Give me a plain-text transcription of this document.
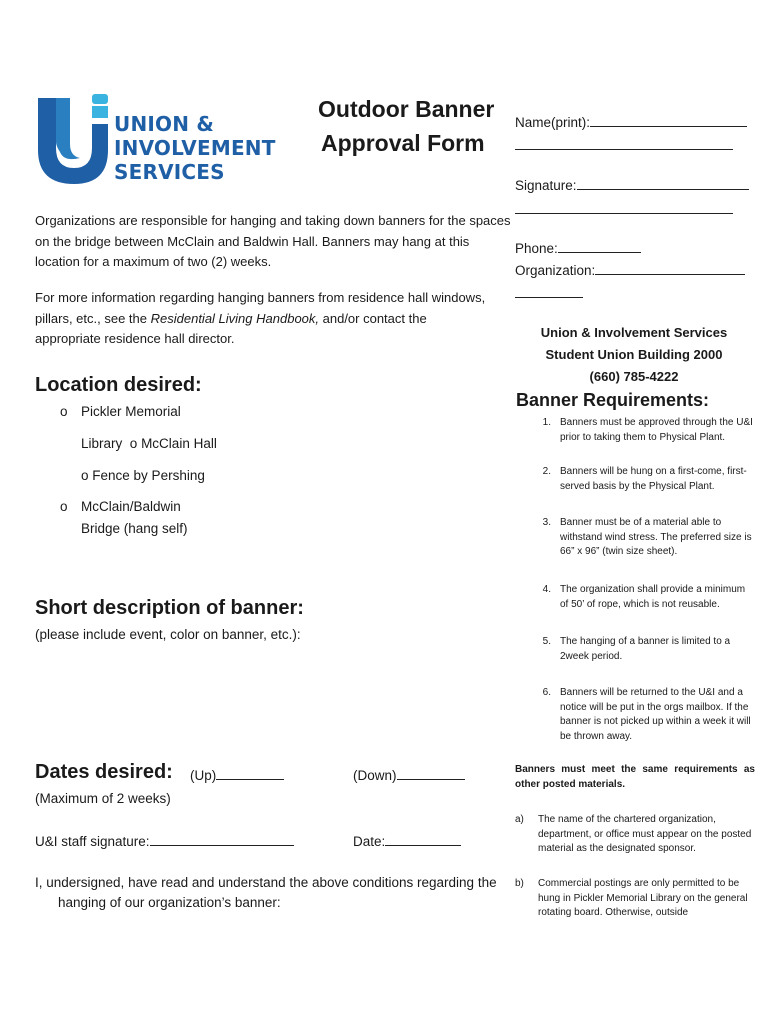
UNION &
INVOLVEMENT
SERVICES
Outdoor Banner
Approval Form
Name(print):
Signature:
Phone:
Organization:
Organizations are responsible for hanging and taking down banners for the spaces on the bridge between McClain and Baldwin Hall. Banners may hang at this location for a maximum of two (2) weeks.
For more information regarding hanging banners from residence hall windows, pillars, etc., see the Residential Living Handbook, and/or contact the appropriate residence hall director.	Union & Involvement Services
Student Union Building 2000
(660) 785-4222
Location desired:
o Pickler Memorial
Library o McClain Hall
o Fence by Pershing
o McClain/Baldwin
Bridge (hang self)
Banner Requirements:
1. Banners must be approved through the U&I prior to taking them to Physical Plant.
2. Banners will be hung on a first-come, first-served basis by the Physical Plant.
3. Banner must be of a material able to withstand wind stress. The preferred size is 66” x 96” (twin size sheet).
4. The organization shall provide a minimum of 50’ of rope, which is not reusable.
5. The hanging of a banner is limited to a 2week period.
6. Banners will be returned to the U&I and a notice will be put in the orgs mailbox. If the banner is not picked up within a week it will be thrown away.
Banners must meet the same requirements as other posted materials.
a)	The name of the chartered organization, department, or office must appear on the posted material as the designated sponsor.
b)	Commercial postings are only permitted to be hung in Pickler Memorial Library on the general rotating board. Otherwise, outside
Short description of banner:
(please include event, color on banner, etc.):
Dates desired: (Up)	(Down)
(Maximum of 2 weeks)
U&I staff signature:	Date:
I, undersigned, have read and understand the above conditions regarding the
hanging of our organization’s banner:
